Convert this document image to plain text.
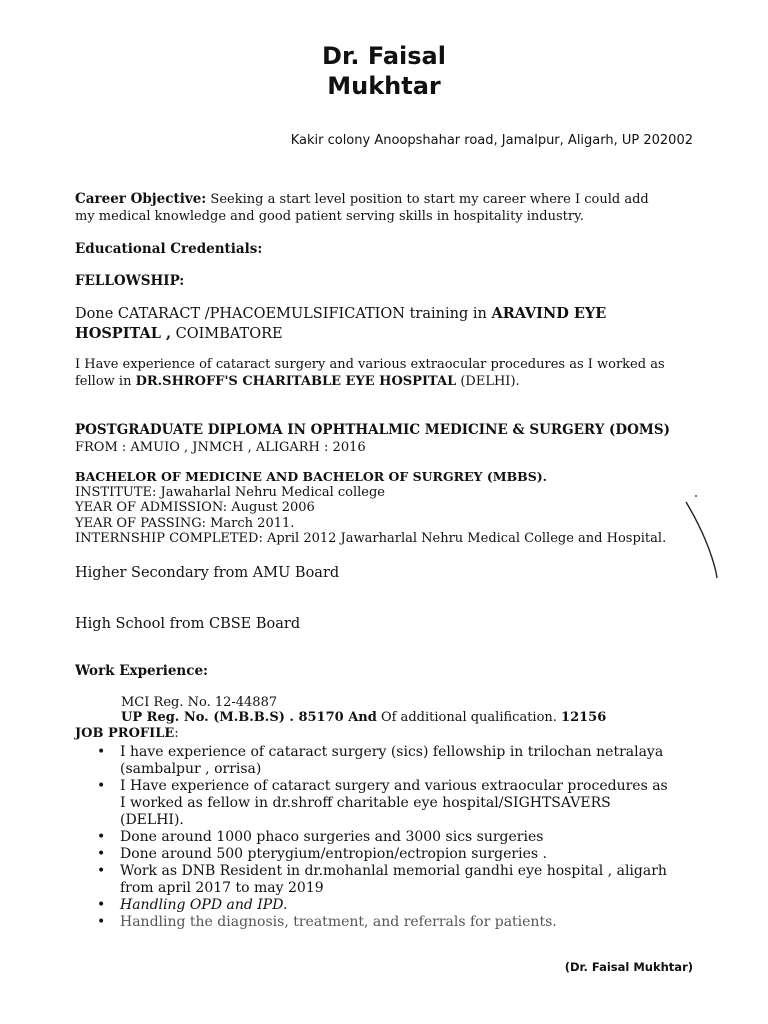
Dr. Faisal
Mukhtar
Kakir colony Anoopshahar road, Jamalpur, Aligarh, UP 202002
Career Objective: Seeking a start level position to start my career where I could add
my medical knowledge and good patient serving skills in hospitality industry.
Educational Credentials:
FELLOWSHIP:
Done CATARACT /PHACOEMULSIFICATION training in ARAVIND EYE
HOSPITAL , COIMBATORE
I Have experience of cataract surgery and various extraocular procedures as I worked as
fellow in DR.SHROFF'S CHARITABLE EYE HOSPITAL (DELHI).
POSTGRADUATE DIPLOMA IN OPHTHALMIC MEDICINE & SURGERY (DOMS)
FROM : AMUIO , JNMCH , ALIGARH : 2016
BACHELOR OF MEDICINE AND BACHELOR OF SURGREY (MBBS).
INSTITUTE: Jawaharlal Nehru Medical college
YEAR OF ADMISSION: August 2006
YEAR OF PASSING: March 2011.
INTERNSHIP COMPLETED: April 2012 Jawarharlal Nehru Medical College and Hospital.
Higher Secondary from AMU Board
High School from CBSE Board
Work Experience:
MCI Reg. No. 12-44887
UP Reg. No. (M.B.B.S) . 85170 And Of additional qualification. 12156
JOB PROFILE:
• I have experience of cataract surgery (sics) fellowship in trilochan netralaya (sambalpur , orrisa)
• I Have experience of cataract surgery and various extraocular procedures as I worked as fellow in dr.shroff charitable eye hospital/SIGHTSAVERS (DELHI).
• Done around 1000 phaco surgeries and 3000 sics surgeries
• Done around 500 pterygium/entropion/ectropion surgeries .
• Work as DNB Resident in dr.mohanlal memorial gandhi eye hospital , aligarh from april 2017 to may 2019
• Handling OPD and IPD.
• Handling the diagnosis, treatment, and referrals for patients.
(Dr. Faisal Mukhtar)
